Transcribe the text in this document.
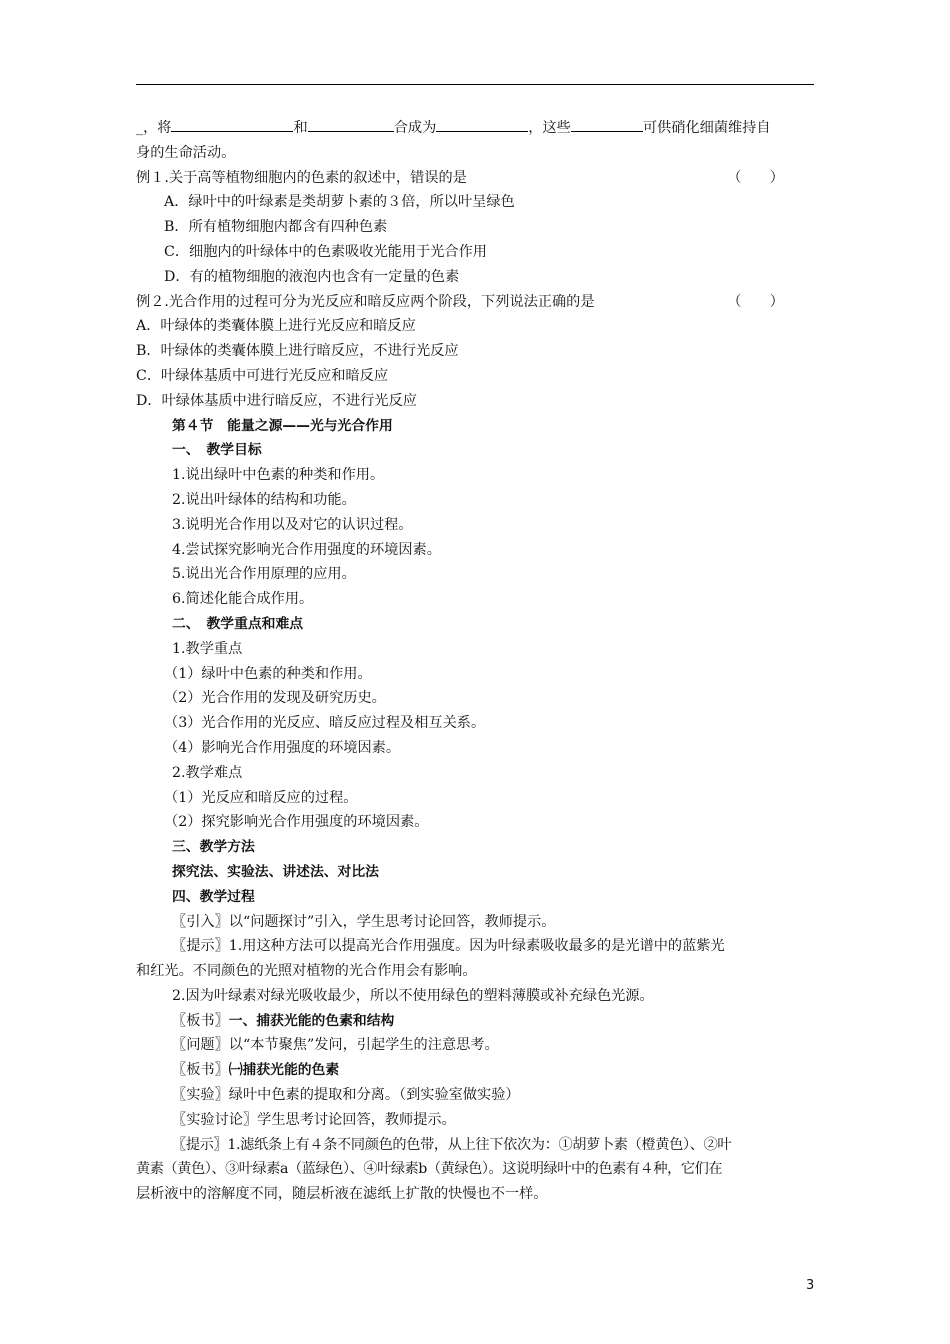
_，将	和	合成为	，这些	可供硝化细菌维持自
身的生命活动。
例１.关于高等植物细胞内的色素的叙述中，错误的是	（　　）
A．绿叶中的叶绿素是类胡萝卜素的３倍，所以叶呈绿色
B．所有植物细胞内都含有四种色素
C．细胞内的叶绿体中的色素吸收光能用于光合作用
D．有的植物细胞的液泡内也含有一定量的色素
例２.光合作用的过程可分为光反应和暗反应两个阶段，下列说法正确的是	（　　）
A．叶绿体的类囊体膜上进行光反应和暗反应
B．叶绿体的类囊体膜上进行暗反应，不进行光反应
C．叶绿体基质中可进行光反应和暗反应
D．叶绿体基质中进行暗反应，不进行光反应
第４节　能量之源——光与光合作用
一、　教学目标
1.说出绿叶中色素的种类和作用。
2.说出叶绿体的结构和功能。
3.说明光合作用以及对它的认识过程。
4.尝试探究影响光合作用强度的环境因素。
5.说出光合作用原理的应用。
6.简述化能合成作用。
二、　教学重点和难点
1.教学重点
（1）绿叶中色素的种类和作用。
（2）光合作用的发现及研究历史。
（3）光合作用的光反应、暗反应过程及相互关系。
（4）影响光合作用强度的环境因素。
2.教学难点
（1）光反应和暗反应的过程。
（2）探究影响光合作用强度的环境因素。
三、教学方法
探究法、实验法、讲述法、对比法
四、教学过程
〖引入〗以“问题探讨”引入，学生思考讨论回答，教师提示。
〖提示〗1.用这种方法可以提高光合作用强度。因为叶绿素吸收最多的是光谱中的蓝紫光
和红光。不同颜色的光照对植物的光合作用会有影响。
2.因为叶绿素对绿光吸收最少，所以不使用绿色的塑料薄膜或补充绿色光源。
〖板书〗一、捕获光能的色素和结构
〖问题〗以“本节聚焦”发问，引起学生的注意思考。
〖板书〗㈠捕获光能的色素
〖实验〗绿叶中色素的提取和分离。（到实验室做实验）
〖实验讨论〗学生思考讨论回答，教师提示。
〖提示〗1.滤纸条上有４条不同颜色的色带，从上往下依次为：①胡萝卜素（橙黄色）、②叶
黄素（黄色）、③叶绿素a（蓝绿色）、④叶绿素b（黄绿色）。这说明绿叶中的色素有４种，它们在
层析液中的溶解度不同，随层析液在滤纸上扩散的快慢也不一样。
3
